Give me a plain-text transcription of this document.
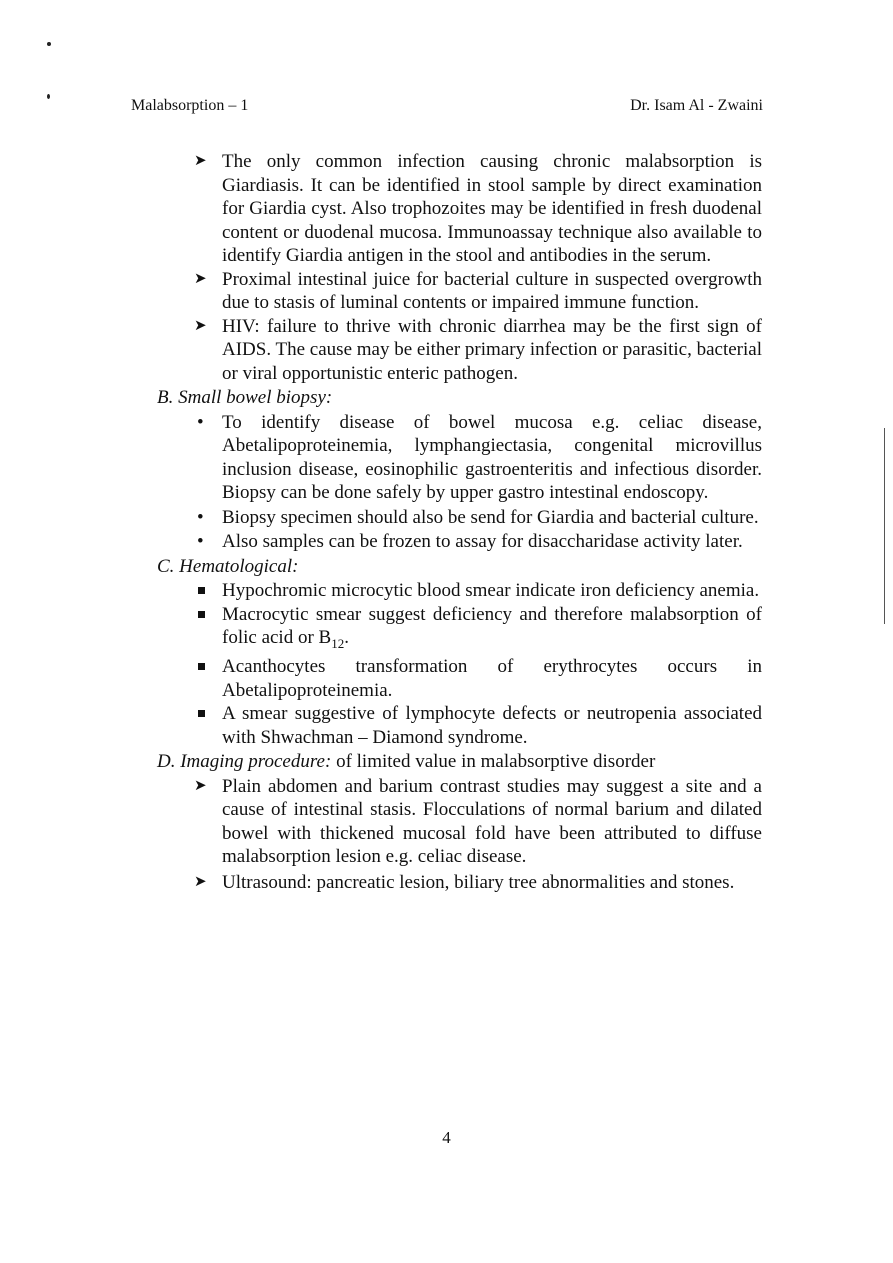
Malabsorption – 1	Dr. Isam Al - Zwaini
➤ The only common infection causing chronic malabsorption is Giardiasis. It can be identified in stool sample by direct examination for Giardia cyst. Also trophozoites may be identified in fresh duodenal content or duodenal mucosa. Immunoassay technique also available to identify Giardia antigen in the stool and antibodies in the serum.
➤ Proximal intestinal juice for bacterial culture in suspected overgrowth due to stasis of luminal contents or impaired immune function.
➤ HIV: failure to thrive with chronic diarrhea may be the first sign of AIDS. The cause may be either primary infection or parasitic, bacterial or viral opportunistic enteric pathogen.
B. Small bowel biopsy:
• To identify disease of bowel mucosa e.g. celiac disease, Abetalipoproteinemia, lymphangiectasia, congenital microvillus inclusion disease, eosinophilic gastroenteritis and infectious disorder. Biopsy can be done safely by upper gastro intestinal endoscopy.
• Biopsy specimen should also be send for Giardia and bacterial culture.
• Also samples can be frozen to assay for disaccharidase activity later.
C. Hematological:
Hypochromic microcytic blood smear indicate iron deficiency anemia.
Macrocytic smear suggest deficiency and therefore malabsorption of folic acid or $B_{12}$.
Acanthocytes transformation of erythrocytes occurs in Abetalipoproteinemia.
A smear suggestive of lymphocyte defects or neutropenia associated with Shwachman – Diamond syndrome.
D. Imaging procedure: of limited value in malabsorptive disorder
➤ Plain abdomen and barium contrast studies may suggest a site and a cause of intestinal stasis. Flocculations of normal barium and dilated bowel with thickened mucosal fold have been attributed to diffuse malabsorption lesion e.g. celiac disease.
➤ Ultrasound: pancreatic lesion, biliary tree abnormalities and stones.
4
